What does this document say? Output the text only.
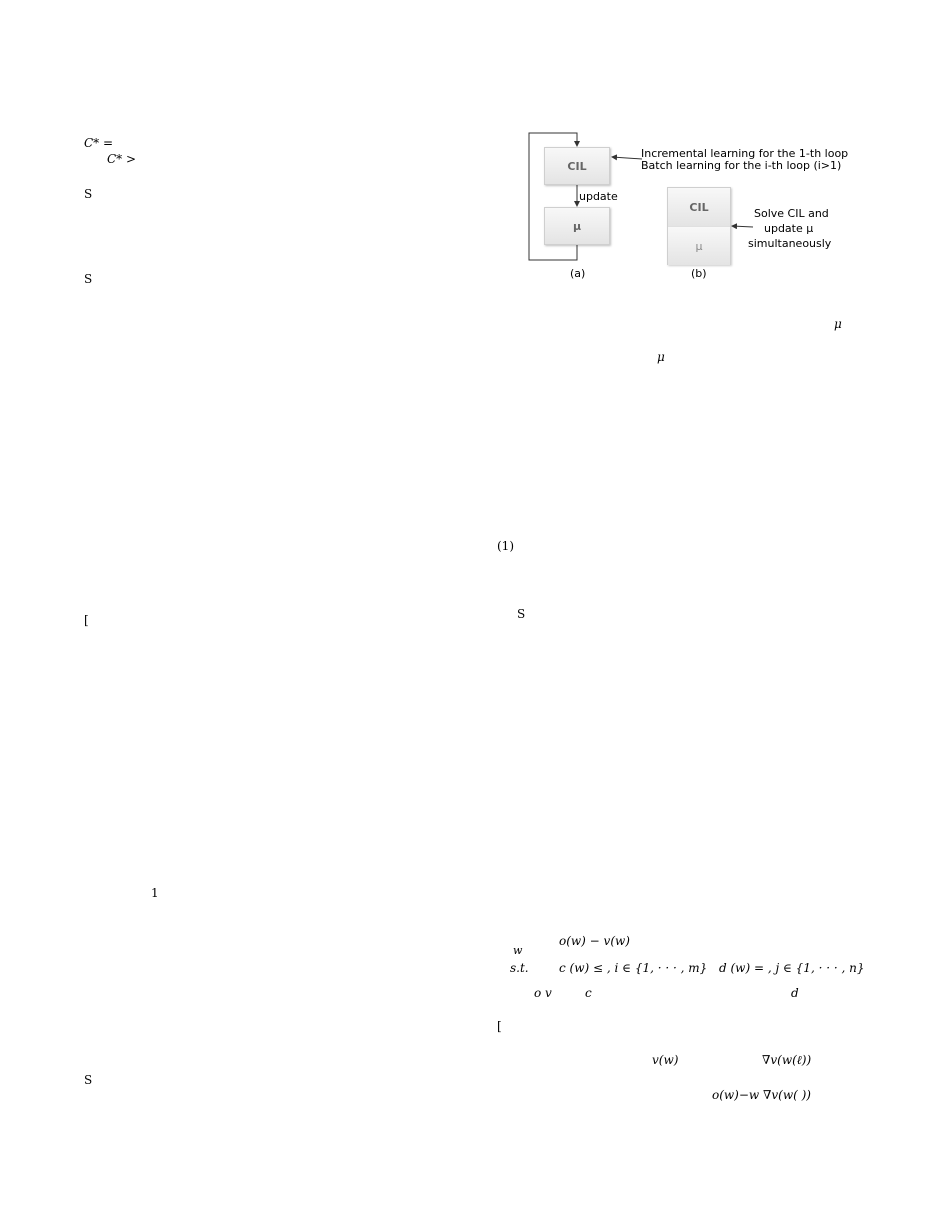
C* =
C* >
S
S
[
1
S
CIL
μ
update
Incremental learning for the 1-th loop
Batch learning for the i-th loop (i>1)
(a)
CIL
μ
Solve CIL and
update μ
simultaneously
(b)
μ
μ
(1)
S
o(w) − v(w)
w
s.t.	c (w) ≤ , i ∈ {1, · · · , m} d (w) = , j ∈ {1, · · · , n}
o v	c	d
[
v(w)	∇v(w(ℓ))
o(w)−w ∇v(w( ))
